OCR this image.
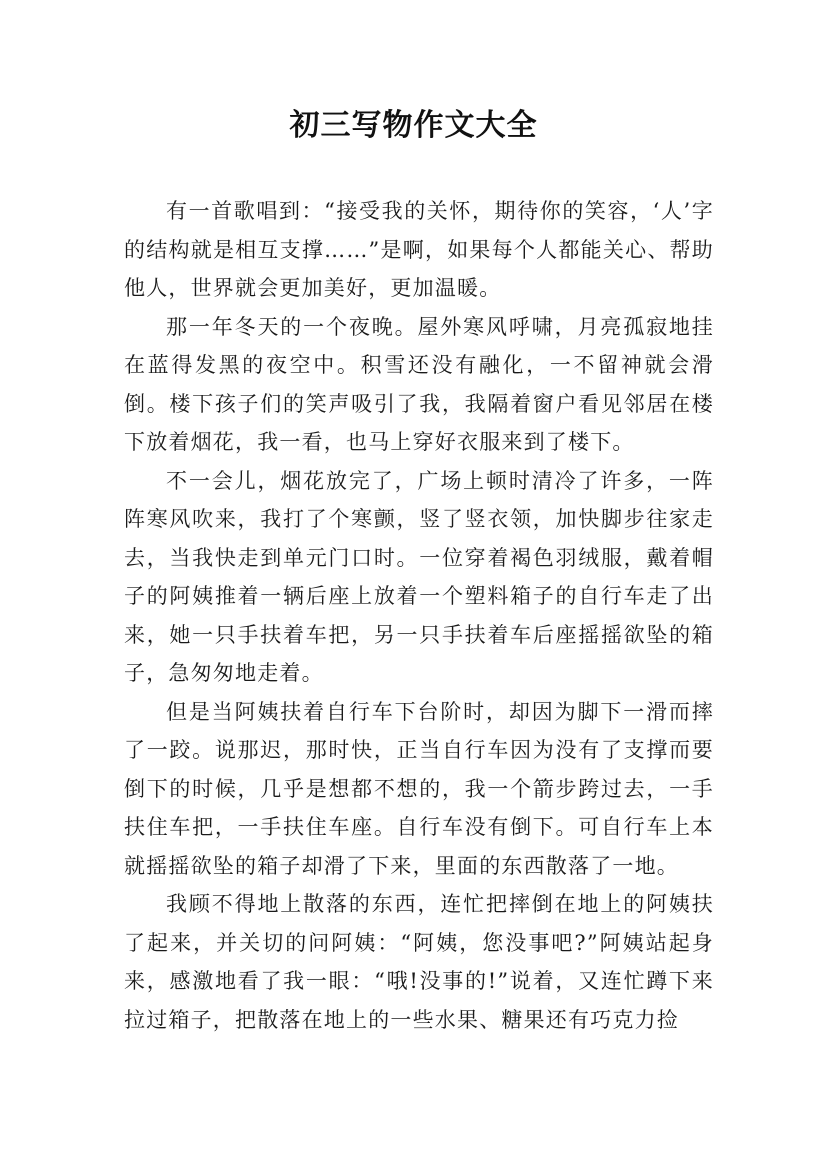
初三写物作文大全

有一首歌唱到：“接受我的关怀，期待你的笑容，‘人’字的结构就是相互支撑……”是啊，如果每个人都能关心、帮助他人，世界就会更加美好，更加温暖。

那一年冬天的一个夜晚。屋外寒风呼啸，月亮孤寂地挂在蓝得发黑的夜空中。积雪还没有融化，一不留神就会滑倒。楼下孩子们的笑声吸引了我，我隔着窗户看见邻居在楼下放着烟花，我一看，也马上穿好衣服来到了楼下。

不一会儿，烟花放完了，广场上顿时清冷了许多，一阵阵寒风吹来，我打了个寒颤，竖了竖衣领，加快脚步往家走去，当我快走到单元门口时。一位穿着褐色羽绒服，戴着帽子的阿姨推着一辆后座上放着一个塑料箱子的自行车走了出来，她一只手扶着车把，另一只手扶着车后座摇摇欲坠的箱子，急匆匆地走着。

但是当阿姨扶着自行车下台阶时，却因为脚下一滑而摔了一跤。说那迟，那时快，正当自行车因为没有了支撑而要倒下的时候，几乎是想都不想的，我一个箭步跨过去，一手扶住车把，一手扶住车座。自行车没有倒下。可自行车上本就摇摇欲坠的箱子却滑了下来，里面的东西散落了一地。

我顾不得地上散落的东西，连忙把摔倒在地上的阿姨扶了起来，并关切的问阿姨：“阿姨，您没事吧?”阿姨站起身来，感激地看了我一眼：“哦!没事的!”说着，又连忙蹲下来拉过箱子，把散落在地上的一些水果、糖果还有巧克力捡
